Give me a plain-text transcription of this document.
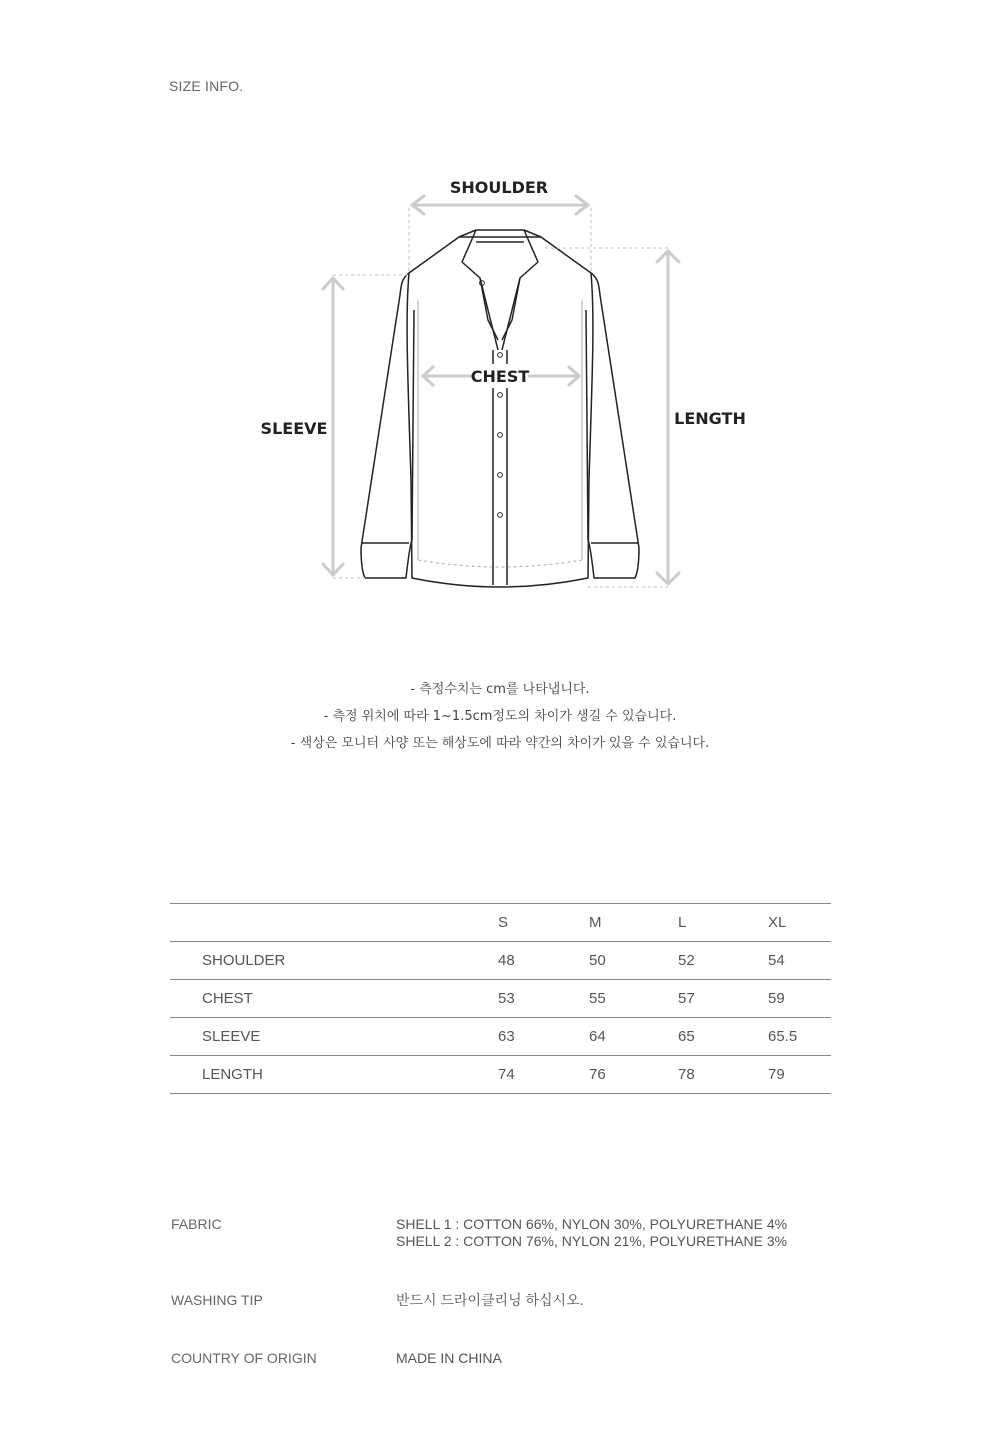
SIZE INFO.
SHOULDER
CHEST
SLEEVE
LENGTH
- 측정수치는 cm를 나타냅니다.
- 측정 위치에 따라 1~1.5cm정도의 차이가 생길 수 있습니다.
- 색상은 모니터 사양 또는 해상도에 따라 약간의 차이가 있을 수 있습니다.
	S	M	L	XL
SHOULDER	48	50	52	54
CHEST	53	55	57	59
SLEEVE	63	64	65	65.5
LENGTH	74	76	78	79
FABRIC	SHELL 1 : COTTON 66%, NYLON 30%, POLYURETHANE 4%
SHELL 2 : COTTON 76%, NYLON 21%, POLYURETHANE 3%
WASHING TIP	반드시 드라이클리닝 하십시오.
COUNTRY OF ORIGIN	MADE IN CHINA
